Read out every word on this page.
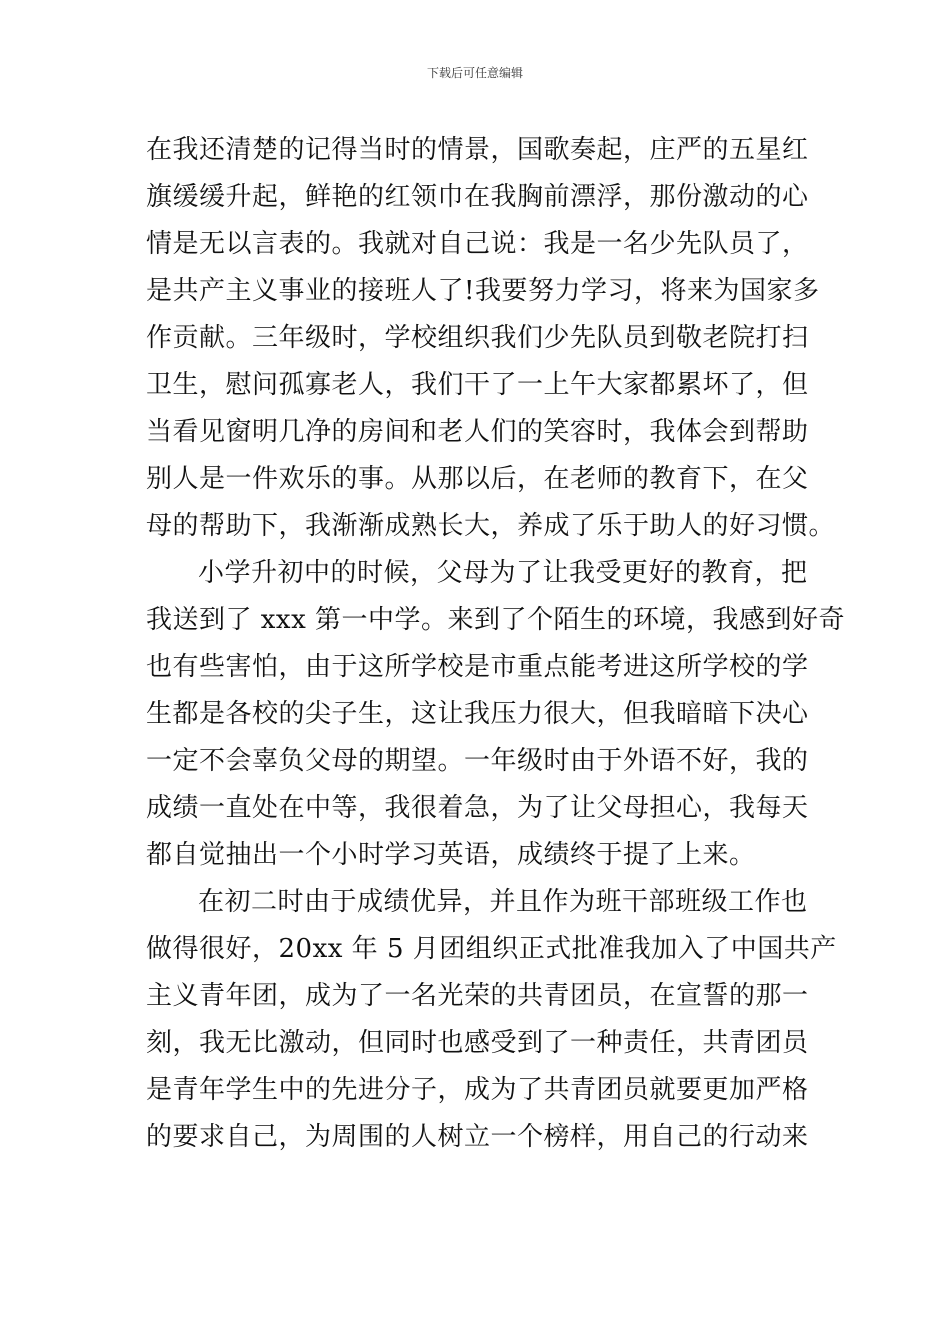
下载后可任意编辑
在我还清楚的记得当时的情景，国歌奏起，庄严的五星红
旗缓缓升起，鲜艳的红领巾在我胸前漂浮，那份激动的心
情是无以言表的。我就对自己说：我是一名少先队员了，
是共产主义事业的接班人了!我要努力学习，将来为国家多
作贡献。三年级时，学校组织我们少先队员到敬老院打扫
卫生，慰问孤寡老人，我们干了一上午大家都累坏了，但
当看见窗明几净的房间和老人们的笑容时，我体会到帮助
别人是一件欢乐的事。从那以后，在老师的教育下，在父
母的帮助下，我渐渐成熟长大，养成了乐于助人的好习惯。
小学升初中的时候，父母为了让我受更好的教育，把
我送到了 xxx 第一中学。来到了个陌生的环境，我感到好奇
也有些害怕，由于这所学校是市重点能考进这所学校的学
生都是各校的尖子生，这让我压力很大，但我暗暗下决心
一定不会辜负父母的期望。一年级时由于外语不好，我的
成绩一直处在中等，我很着急，为了让父母担心，我每天
都自觉抽出一个小时学习英语，成绩终于提了上来。
在初二时由于成绩优异，并且作为班干部班级工作也
做得很好，20xx 年 5 月团组织正式批准我加入了中国共产
主义青年团，成为了一名光荣的共青团员，在宣誓的那一
刻，我无比激动，但同时也感受到了一种责任，共青团员
是青年学生中的先进分子，成为了共青团员就要更加严格
的要求自己，为周围的人树立一个榜样，用自己的行动来
